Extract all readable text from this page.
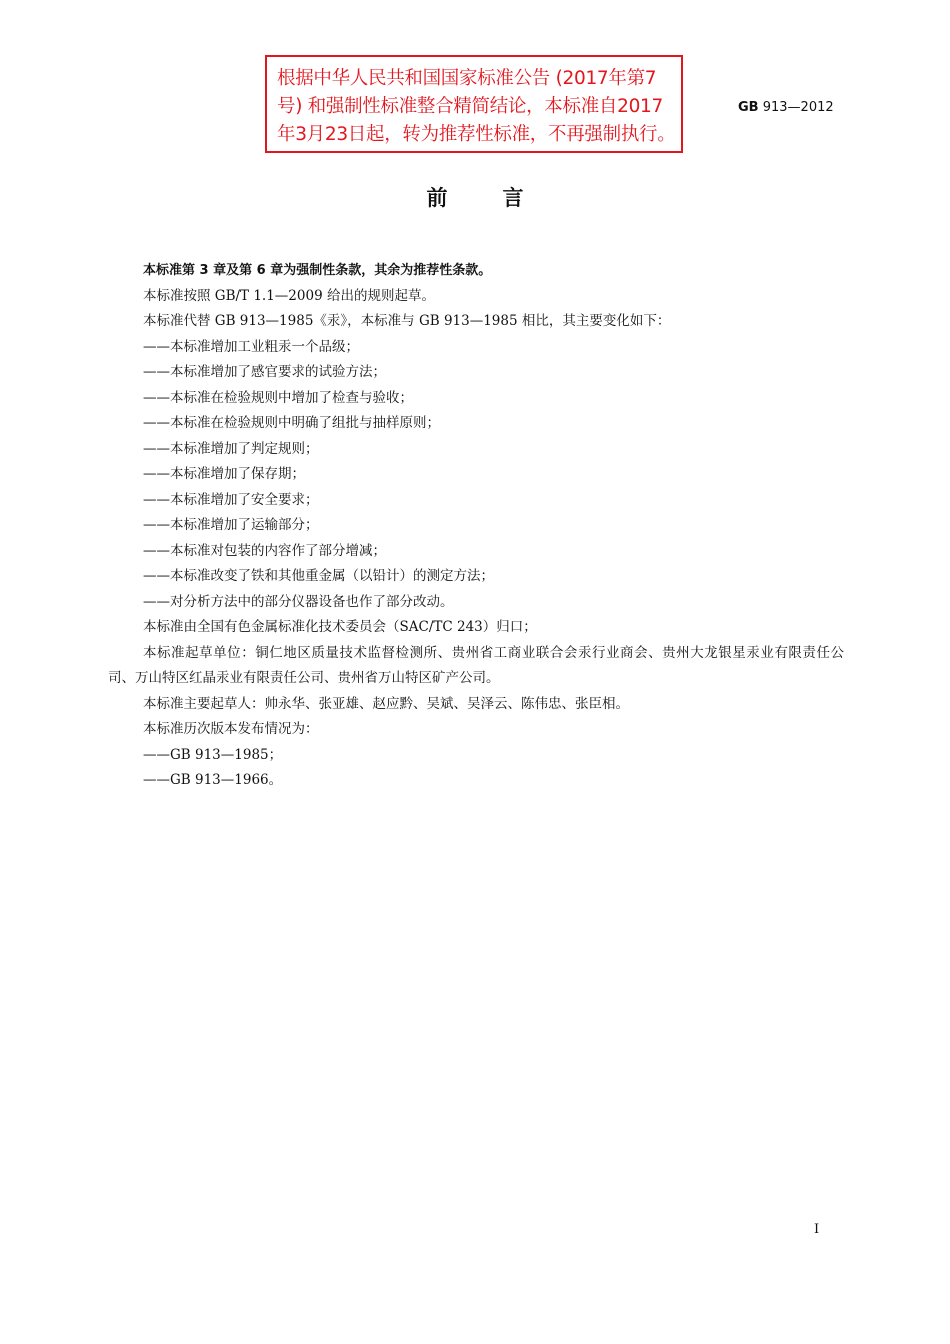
根据中华人民共和国国家标准公告 (2017年第7
号) 和强制性标准整合精简结论，本标准自2017
年3月23日起，转为推荐性标准，不再强制执行。
GB 913—2012
前言

本标准第 3 章及第 6 章为强制性条款，其余为推荐性条款。

本标准按照 GB/T 1.1—2009 给出的规则起草。

本标准代替 GB 913—1985《汞》，本标准与 GB 913—1985 相比，其主要变化如下：

——本标准增加工业粗汞一个品级；

——本标准增加了感官要求的试验方法；

——本标准在检验规则中增加了检查与验收；

——本标准在检验规则中明确了组批与抽样原则；

——本标准增加了判定规则；

——本标准增加了保存期；

——本标准增加了安全要求；

——本标准增加了运输部分；

——本标准对包装的内容作了部分增减；

——本标准改变了铁和其他重金属（以铅计）的测定方法；

——对分析方法中的部分仪器设备也作了部分改动。

本标准由全国有色金属标准化技术委员会（SAC/TC 243）归口；

本标准起草单位：铜仁地区质量技术监督检测所、贵州省工商业联合会汞行业商会、贵州大龙银星汞业有限责任公司、万山特区红晶汞业有限责任公司、贵州省万山特区矿产公司。

本标准主要起草人：帅永华、张亚雄、赵应黔、吴斌、吴泽云、陈伟忠、张臣相。

本标准历次版本发布情况为：

——GB 913—1985；

——GB 913—1966。

I
